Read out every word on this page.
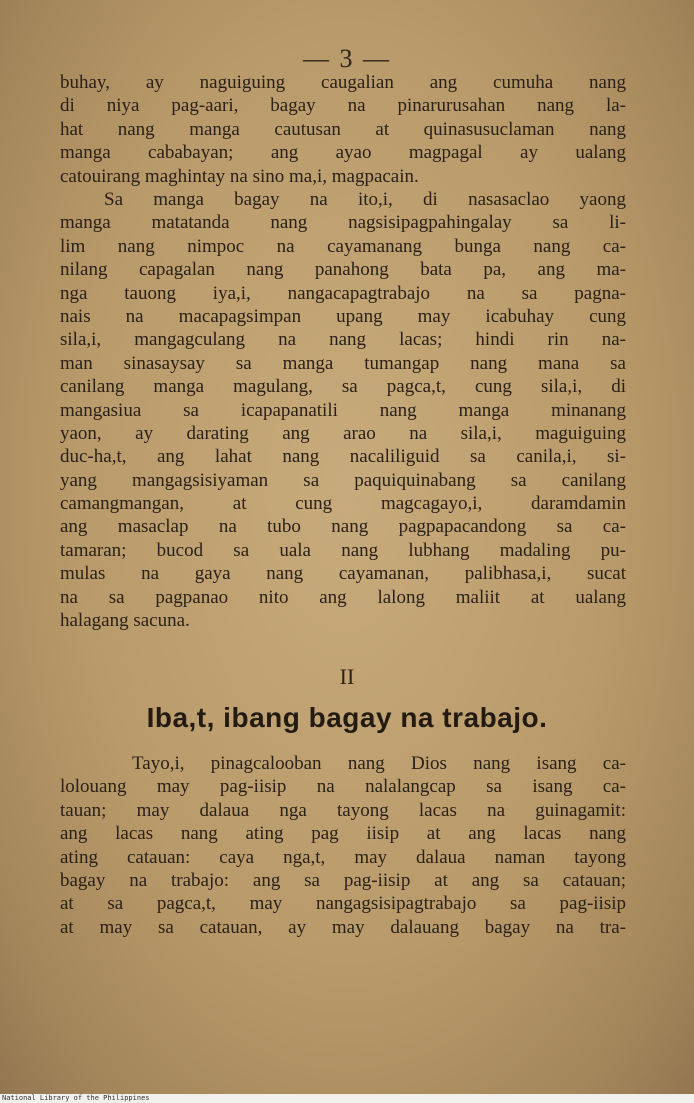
— 3 —
buhay, ay naguiguing caugalian ang cumuha nang
di niya pag-aari, bagay na pinarurusahan nang la-
hat nang manga cautusan at quinasusuclaman nang
manga cababayan; ang ayao magpagal ay ualang
catouirang maghintay na sino ma,i, magpacain.
Sa manga bagay na ito,i, di nasasaclao yaong
manga matatanda nang nagsisipagpahingalay sa li-
lim nang nimpoc na cayamanang bunga nang ca-
nilang capagalan nang panahong bata pa, ang ma-
nga tauong iya,i, nangacapagtrabajo na sa pagna-
nais na macapagsimpan upang may icabuhay cung
sila,i, mangagculang na nang lacas; hindi rin na-
man sinasaysay sa manga tumangap nang mana sa
canilang manga magulang, sa pagca,t, cung sila,i, di
mangasiua sa icapapanatili nang manga minanang
yaon, ay darating ang arao na sila,i, maguiguing
duc-ha,t, ang lahat nang nacaliliguid sa canila,i, si-
yang mangagsisiyaman sa paquiquinabang sa canilang
camangmangan, at cung magcagayo,i, daramdamin
ang masaclap na tubo nang pagpapacandong sa ca-
tamaran; bucod sa uala nang lubhang madaling pu-
mulas na gaya nang cayamanan, palibhasa,i, sucat
na sa pagpanao nito ang lalong maliit at ualang
halagang sacuna.
II
Iba,t, ibang bagay na trabajo.
Tayo,i, pinagcalooban nang Dios nang isang ca-
lolouang may pag-iisip na nalalangcap sa isang ca-
tauan; may dalaua nga tayong lacas na guinagamit:
ang lacas nang ating pag iisip at ang lacas nang
ating catauan: caya nga,t, may dalaua naman tayong
bagay na trabajo: ang sa pag-iisip at ang sa catauan;
at sa pagca,t, may nangagsisipagtrabajo sa pag-iisip
at may sa catauan, ay may dalauang bagay na tra-
National Library of the Philippines
